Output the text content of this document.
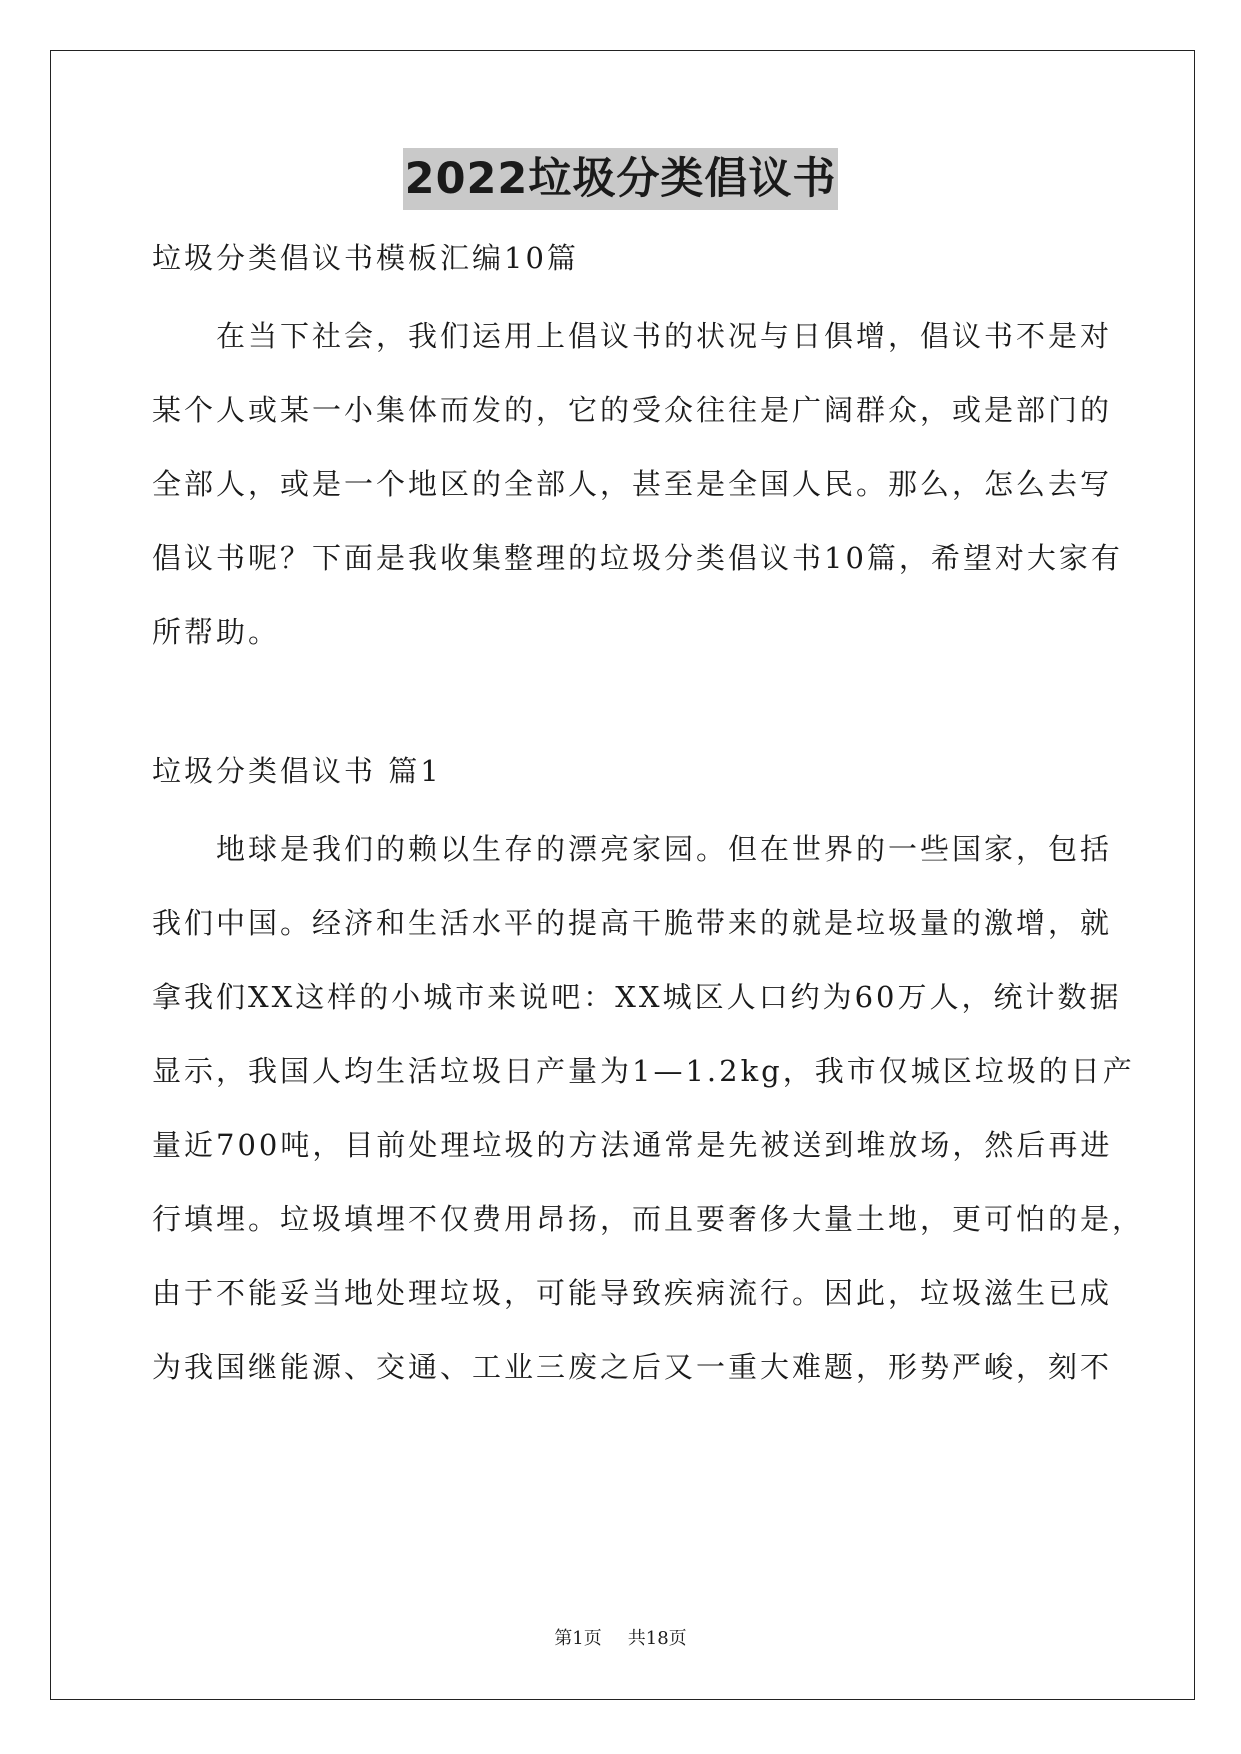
2022垃圾分类倡议书
垃圾分类倡议书模板汇编10篇
　　在当下社会，我们运用上倡议书的状况与日俱增，倡议书不是对
某个人或某一小集体而发的，它的受众往往是广阔群众，或是部门的
全部人，或是一个地区的全部人，甚至是全国人民。那么，怎么去写
倡议书呢？下面是我收集整理的垃圾分类倡议书10篇，希望对大家有
所帮助。
垃圾分类倡议书 篇1
　　地球是我们的赖以生存的漂亮家园。但在世界的一些国家，包括
我们中国。经济和生活水平的提高干脆带来的就是垃圾量的激增，就
拿我们XX这样的小城市来说吧：XX城区人口约为60万人，统计数据
显示，我国人均生活垃圾日产量为1—1.2kg，我市仅城区垃圾的日产
量近700吨，目前处理垃圾的方法通常是先被送到堆放场，然后再进
行填埋。垃圾填埋不仅费用昂扬，而且要奢侈大量土地，更可怕的是，
由于不能妥当地处理垃圾，可能导致疾病流行。因此，垃圾滋生已成
为我国继能源、交通、工业三废之后又一重大难题，形势严峻，刻不
第1页 共18页
